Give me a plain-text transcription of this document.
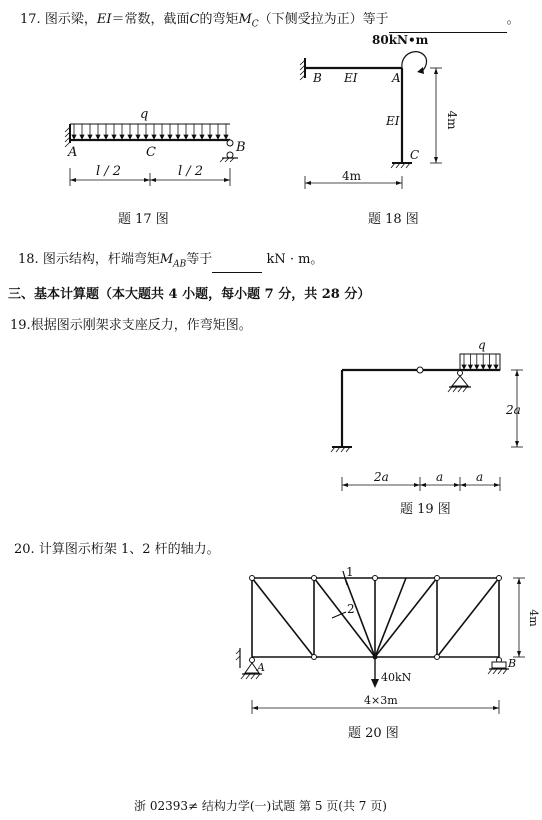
17. 图示梁，EI＝常数，截面C的弯矩$M_C$（下侧受拉为正）等于	。
q
A	C	B
l / 2	l / 2
题 17 图
80kN•m
B EI	A
EI
C
4m
4m
题 18 图
18. 图示结构，杆端弯矩$M_{AB}$等于	kN · m。
三、基本计算题（本大题共 4 小题，每小题 7 分，共 28 分）
19.根据图示刚架求支座反力，作弯矩图。
q
2a
2a	a	a
题 19 图
20. 计算图示桁架 1、2 杆的轴力。
1
2
40kN
A	B
4m
4×3m
题 20 图
浙 02393≠ 结构力学(一)试题 第 5 页(共 7 页)
